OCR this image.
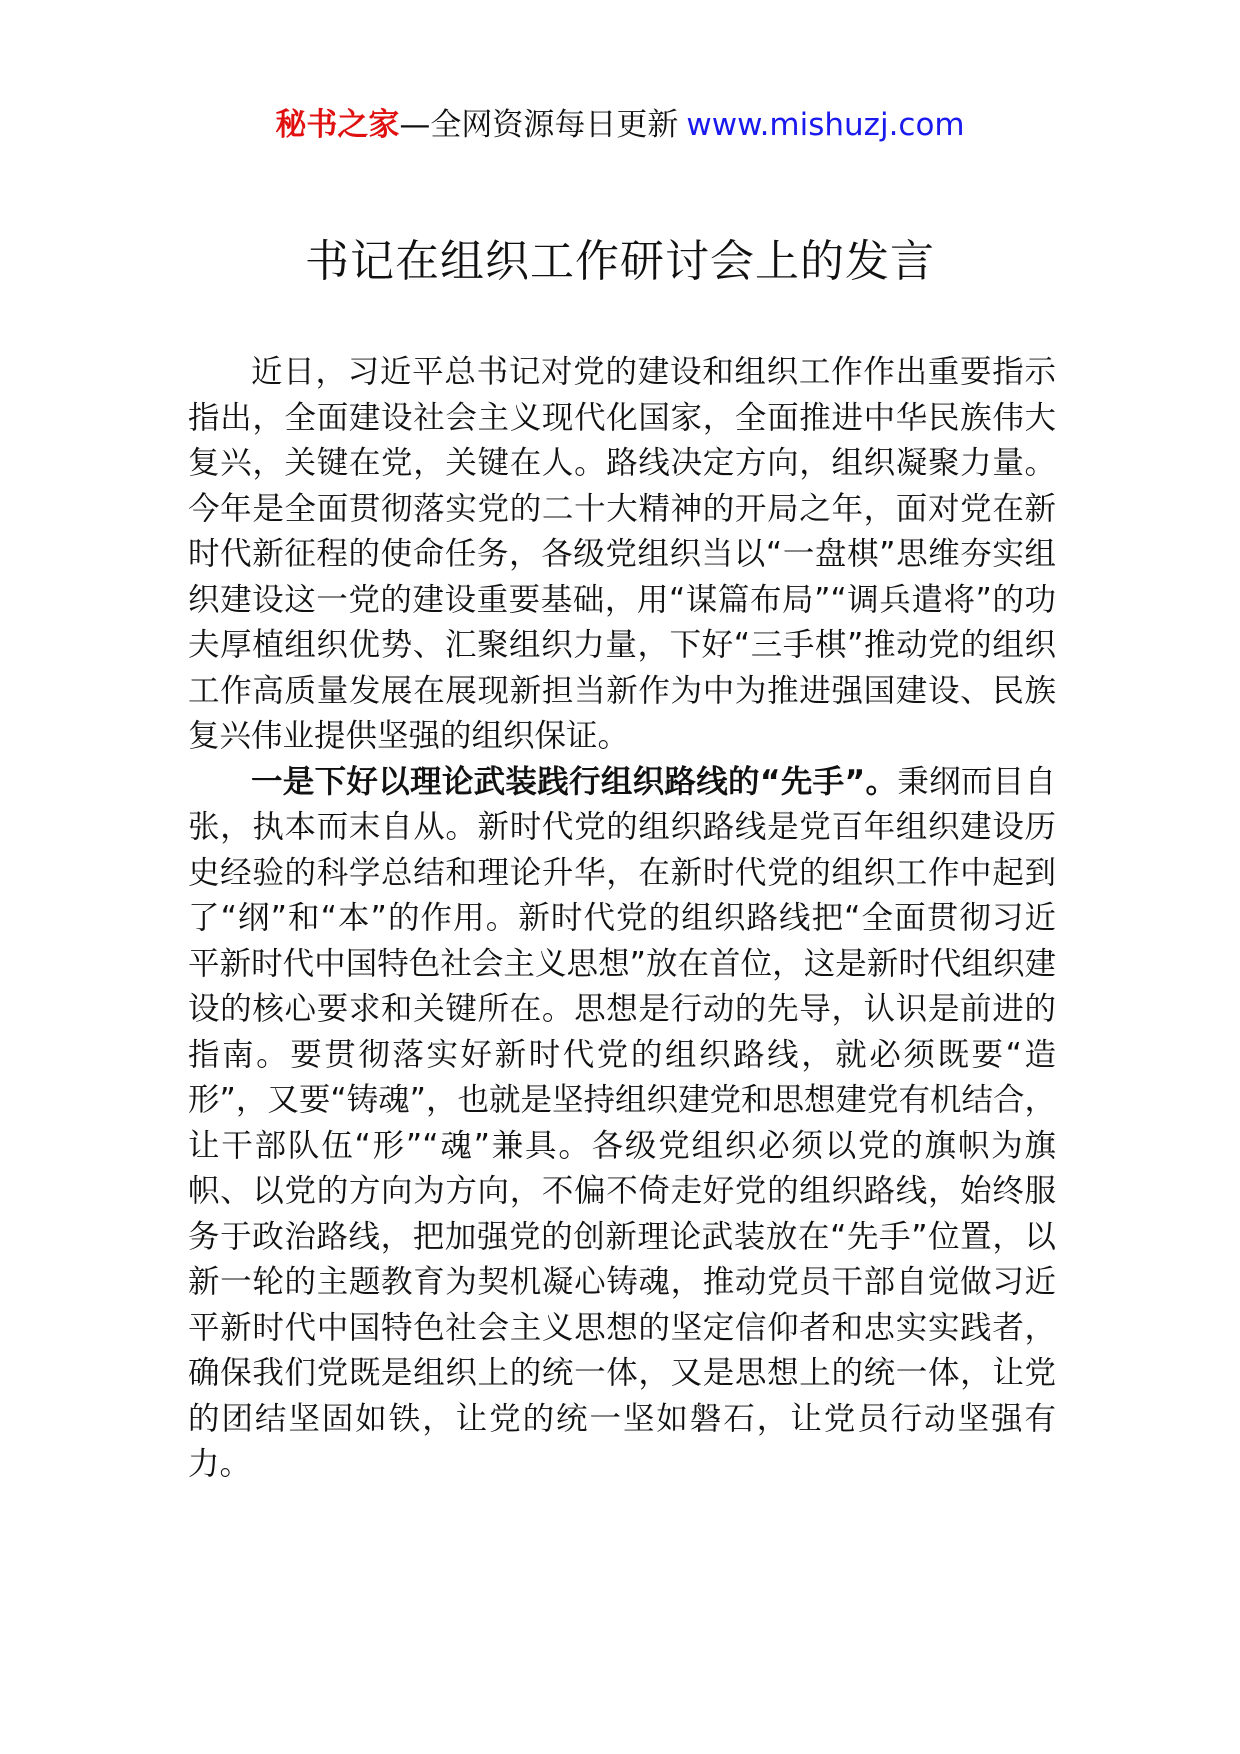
秘书之家—全网资源每日更新 www.mishuzj.com
书记在组织工作研讨会上的发言

近日，习近平总书记对党的建设和组织工作作出重要指示指出，全面建设社会主义现代化国家，全面推进中华民族伟大复兴，关键在党，关键在人。路线决定方向，组织凝聚力量。今年是全面贯彻落实党的二十大精神的开局之年，面对党在新时代新征程的使命任务，各级党组织当以“一盘棋”思维夯实组织建设这一党的建设重要基础，用“谋篇布局”“调兵遣将”的功夫厚植组织优势、汇聚组织力量，下好“三手棋”推动党的组织工作高质量发展在展现新担当新作为中为推进强国建设、民族复兴伟业提供坚强的组织保证。

一是下好以理论武装践行组织路线的“先手”。秉纲而目自张，执本而末自从。新时代党的组织路线是党百年组织建设历史经验的科学总结和理论升华，在新时代党的组织工作中起到了“纲”和“本”的作用。新时代党的组织路线把“全面贯彻习近平新时代中国特色社会主义思想”放在首位，这是新时代组织建设的核心要求和关键所在。思想是行动的先导，认识是前进的指南。要贯彻落实好新时代党的组织路线，就必须既要“造形”，又要“铸魂”，也就是坚持组织建党和思想建党有机结合，让干部队伍“形”“魂”兼具。各级党组织必须以党的旗帜为旗帜、以党的方向为方向，不偏不倚走好党的组织路线，始终服务于政治路线，把加强党的创新理论武装放在“先手”位置，以新一轮的主题教育为契机凝心铸魂，推动党员干部自觉做习近平新时代中国特色社会主义思想的坚定信仰者和忠实实践者，确保我们党既是组织上的统一体，又是思想上的统一体，让党的团结坚固如铁，让党的统一坚如磐石，让党员行动坚强有力。
